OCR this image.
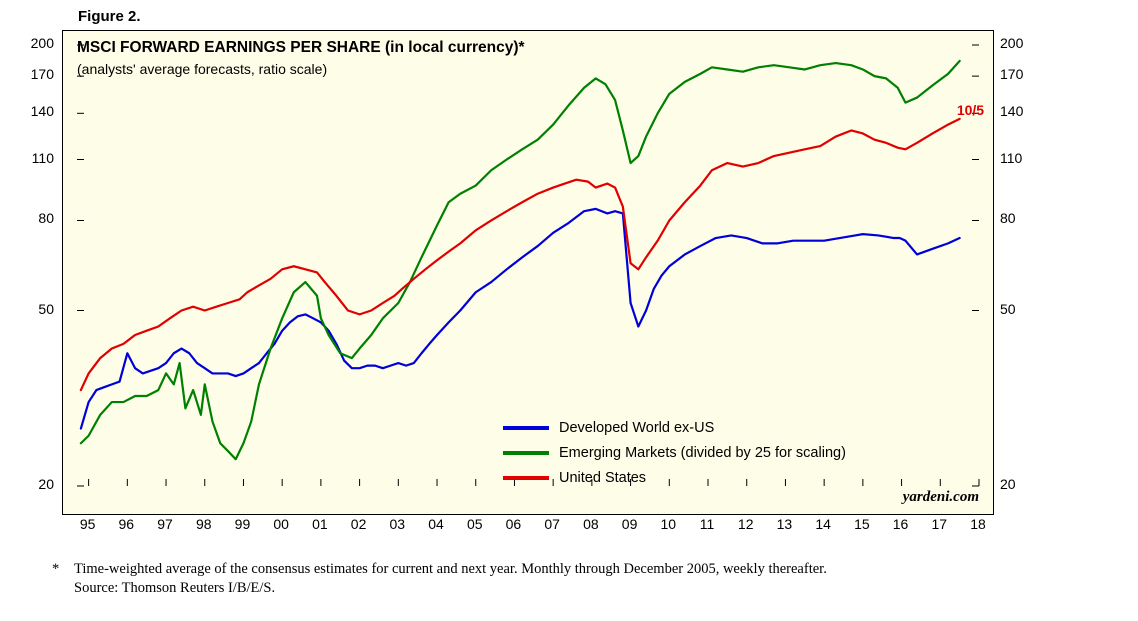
Figure 2.
MSCI FORWARD EARNINGS PER SHARE (in local currency)*
(analysts' average forecasts, ratio scale)
Developed World ex-US
Emerging Markets (divided by 25 for scaling)
United States
yardeni.com
* Time-weighted average of the consensus estimates for current and next year. Monthly through December 2005, weekly thereafter.
Source: Thomson Reuters I/B/E/S.
20	20
50	50
80	80
110	110
140	140
170	170
200	200
95	96	97	98	99	00	01	02	03	04	05	06	07	08	09	10	11	12	13	14	15	16	17	18
10/5
